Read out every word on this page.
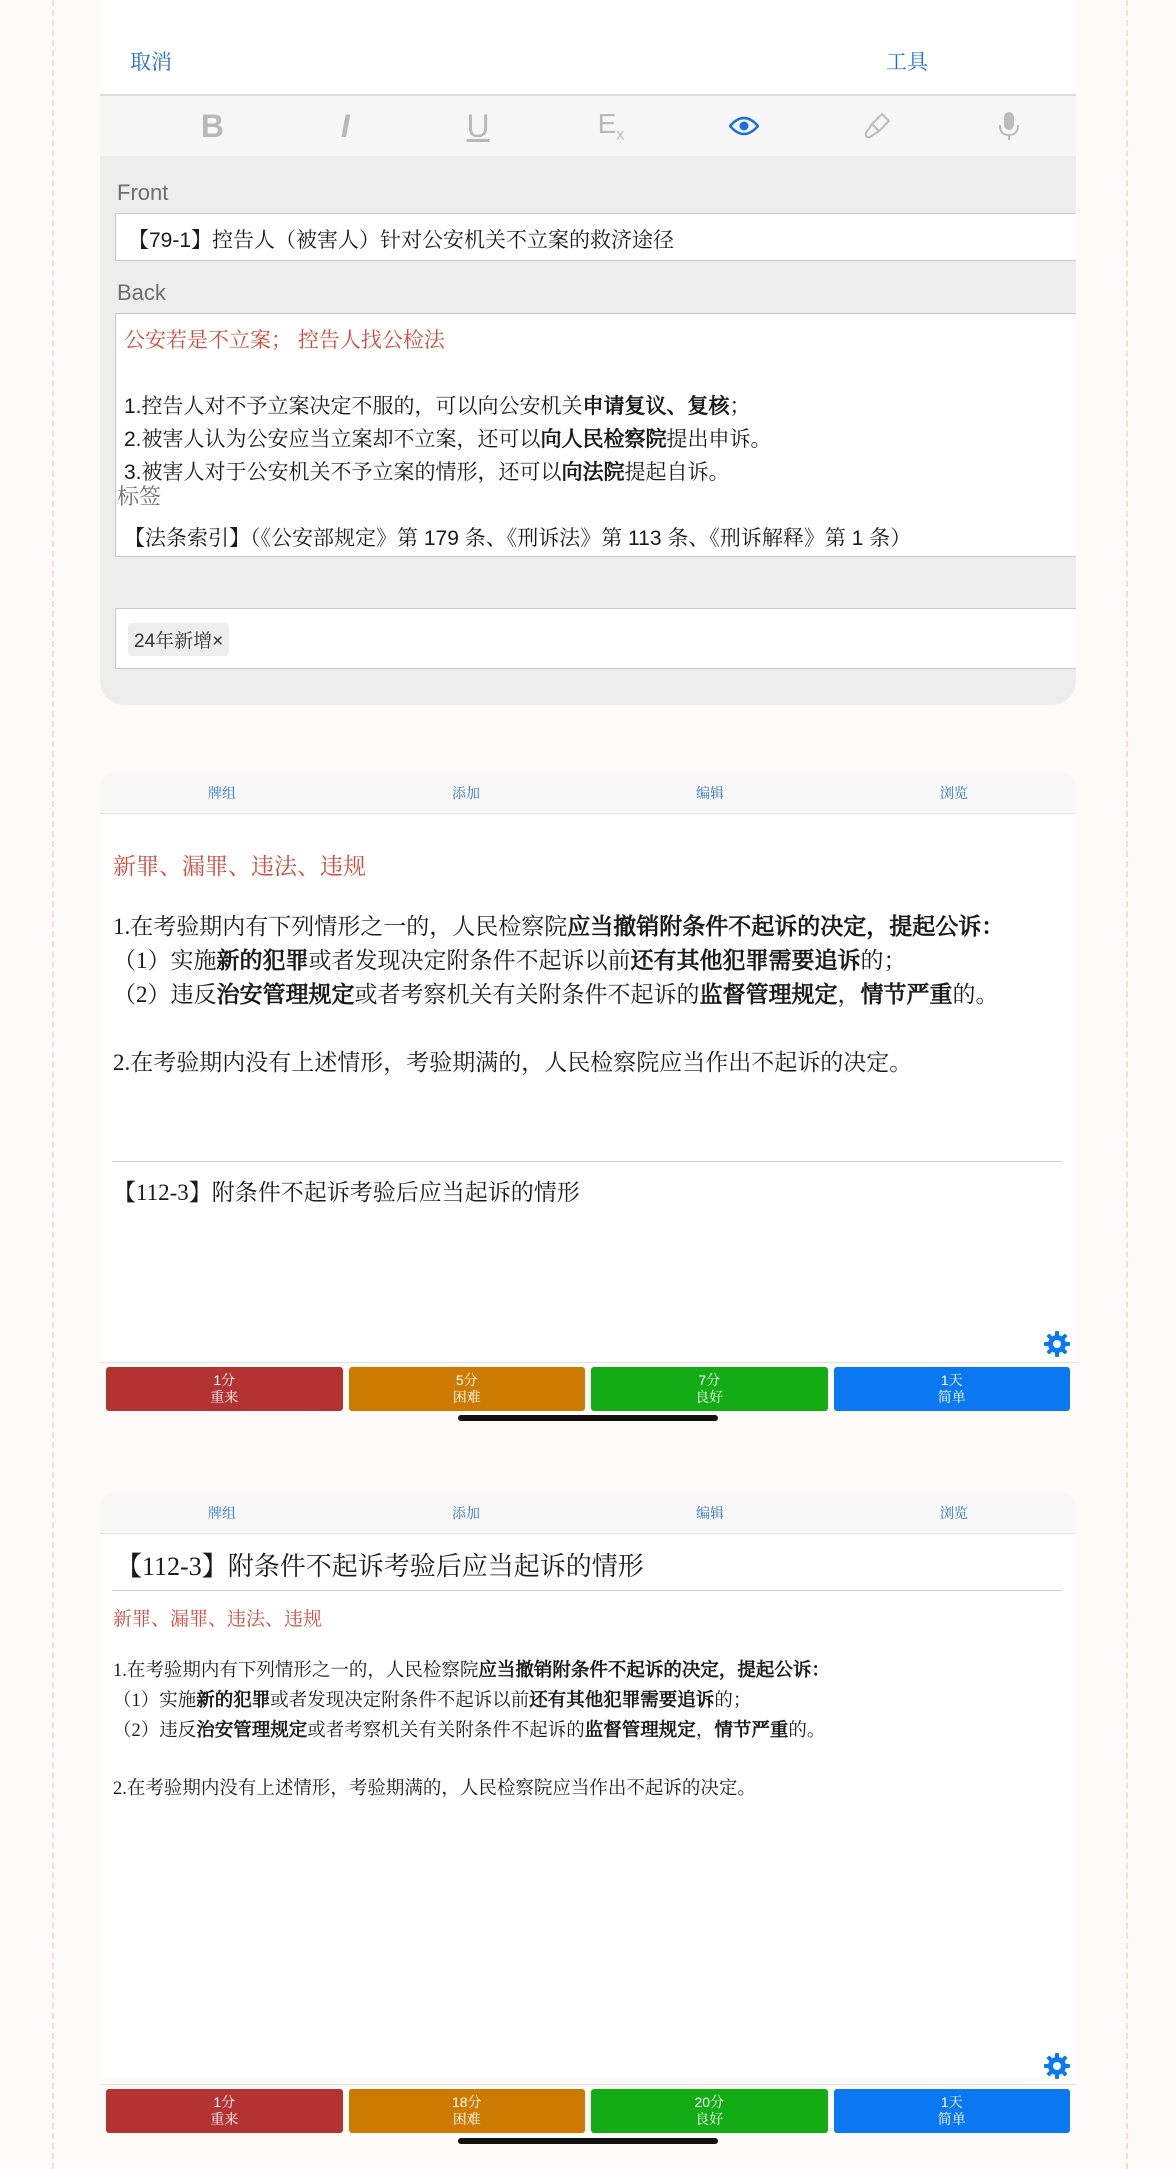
取消	工具
B	I	U	$E_x$
Front
【79-1】控告人（被害人）针对公安机关不立案的救济途径
Back
公安若是不立案； 控告人找公检法
1.控告人对不予立案决定不服的，可以向公安机关申请复议、复核；
2.被害人认为公安应当立案却不立案，还可以向人民检察院提出申诉。
3.被害人对于公安机关不予立案的情形，还可以向法院提起自诉。
【法条索引】（《公安部规定》第 179 条、《刑诉法》第 113 条、《刑诉解释》第 1 条）
标签
24年新增×
牌组	添加	编辑	浏览
新罪、漏罪、违法、违规
1.在考验期内有下列情形之一的，人民检察院应当撤销附条件不起诉的决定，提起公诉：
（1）实施新的犯罪或者发现决定附条件不起诉以前还有其他犯罪需要追诉的；
（2）违反治安管理规定或者考察机关有关附条件不起诉的监督管理规定，情节严重的。
2.在考验期内没有上述情形，考验期满的，人民检察院应当作出不起诉的决定。
【112-3】附条件不起诉考验后应当起诉的情形
1分
重来
5分
困难
7分
良好
1天
简单
牌组	添加	编辑	浏览
【112-3】附条件不起诉考验后应当起诉的情形
新罪、漏罪、违法、违规
1.在考验期内有下列情形之一的，人民检察院应当撤销附条件不起诉的决定，提起公诉：
（1）实施新的犯罪或者发现决定附条件不起诉以前还有其他犯罪需要追诉的；
（2）违反治安管理规定或者考察机关有关附条件不起诉的监督管理规定，情节严重的。
2.在考验期内没有上述情形，考验期满的，人民检察院应当作出不起诉的决定。
1分
重来
18分
困难
20分
良好
1天
简单
